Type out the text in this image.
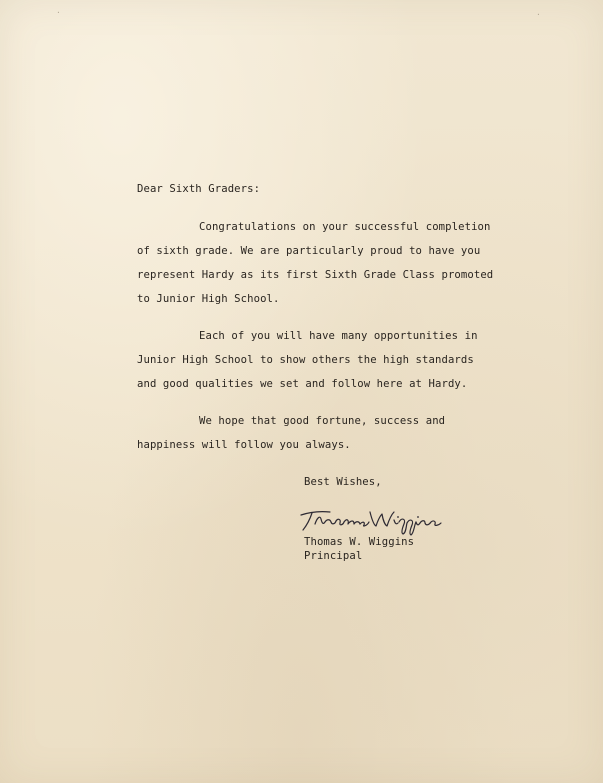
·	·
Dear Sixth Graders:
Congratulations on your successful completion
of sixth grade. We are particularly proud to have you
represent Hardy as its first Sixth Grade Class promoted
to Junior High School.
Each of you will have many opportunities in
Junior High School to show others the high standards
and good qualities we set and follow here at Hardy.
We hope that good fortune, success and
happiness will follow you always.
Best Wishes,
Thomas W. Wiggins
Principal
